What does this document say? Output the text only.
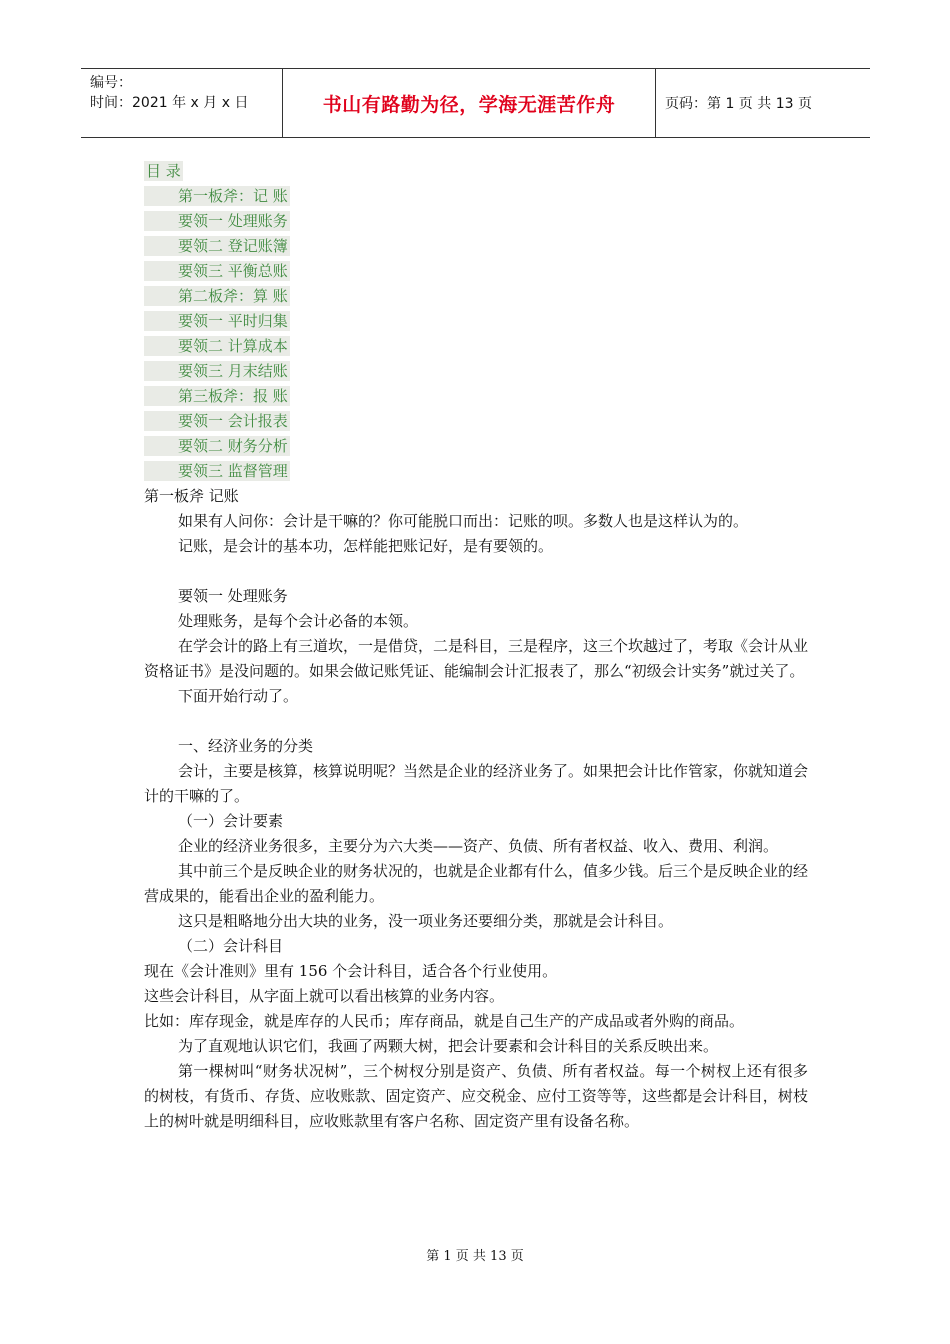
编号：
时间：2021 年 x 月 x 日	书山有路勤为径，学海无涯苦作舟	页码：第 1 页 共 13 页
目 录
第一板斧：记 账
要领一 处理账务
要领二 登记账簿
要领三 平衡总账
第二板斧：算 账
要领一 平时归集
要领二 计算成本
要领三 月末结账
第三板斧：报 账
要领一 会计报表
要领二 财务分析
要领三 监督管理
第一板斧 记账
如果有人问你：会计是干嘛的？你可能脱口而出：记账的呗。多数人也是这样认为的。
记账，是会计的基本功，怎样能把账记好，是有要领的。
要领一 处理账务
处理账务，是每个会计必备的本领。
在学会计的路上有三道坎，一是借贷，二是科目，三是程序，这三个坎越过了，考取《会计从业资格证书》是没问题的。如果会做记账凭证、能编制会计汇报表了，那么“初级会计实务”就过关了。
下面开始行动了。
一、经济业务的分类
会计，主要是核算，核算说明呢？当然是企业的经济业务了。如果把会计比作管家，你就知道会计的干嘛的了。
（一）会计要素
企业的经济业务很多，主要分为六大类——资产、负债、所有者权益、收入、费用、利润。
其中前三个是反映企业的财务状况的，也就是企业都有什么，值多少钱。后三个是反映企业的经营成果的，能看出企业的盈利能力。
这只是粗略地分出大块的业务，没一项业务还要细分类，那就是会计科目。
（二）会计科目
现在《会计准则》里有 156 个会计科目，适合各个行业使用。
这些会计科目，从字面上就可以看出核算的业务内容。
比如：库存现金，就是库存的人民币；库存商品，就是自己生产的产成品或者外购的商品。
为了直观地认识它们，我画了两颗大树，把会计要素和会计科目的关系反映出来。
第一棵树叫“财务状况树”，三个树杈分别是资产、负债、所有者权益。每一个树杈上还有很多的树枝，有货币、存货、应收账款、固定资产、应交税金、应付工资等等，这些都是会计科目，树枝上的树叶就是明细科目，应收账款里有客户名称、固定资产里有设备名称。
第 1 页 共 13 页
